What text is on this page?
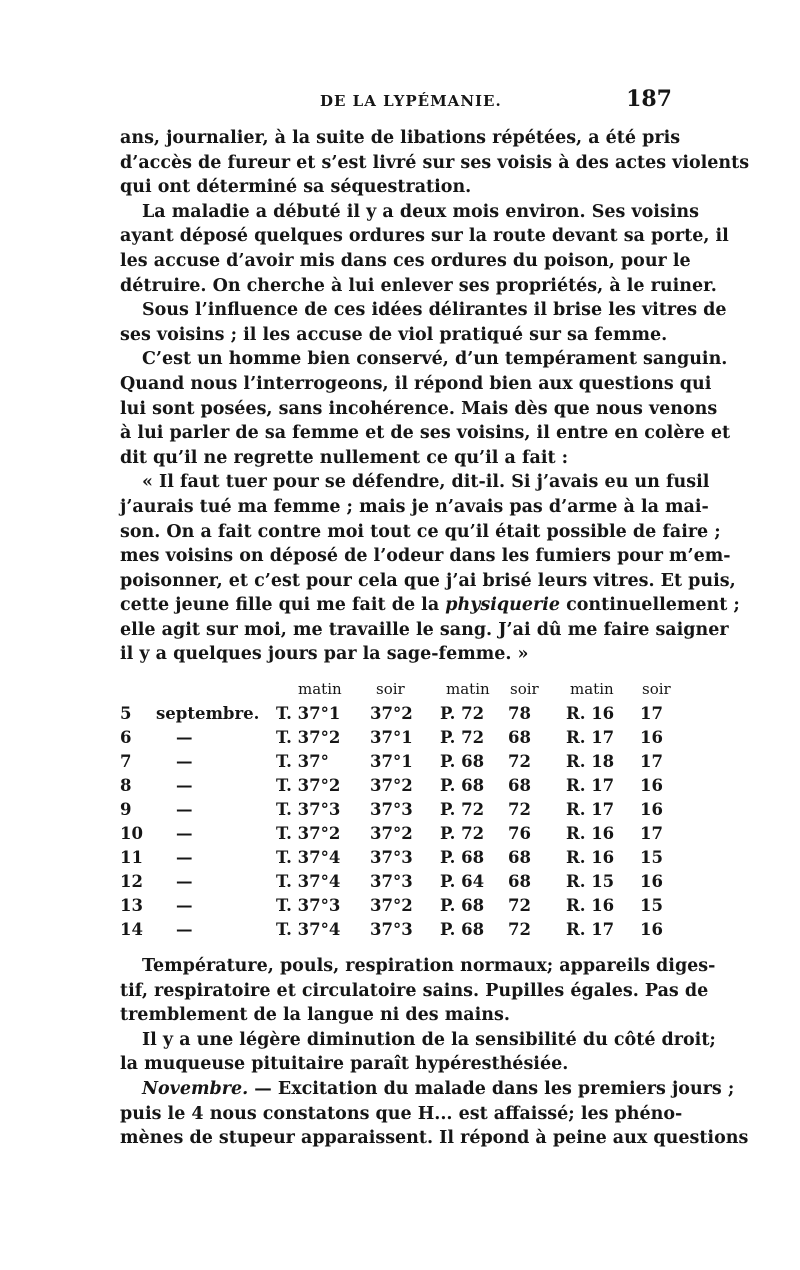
DE LA LYPÉMANIE.	187
ans, journalier, à la suite de libations répétées, a été pris
d’accès de fureur et s’est livré sur ses voisis à des actes violents
qui ont déterminé sa séquestration.
La maladie a débuté il y a deux mois environ. Ses voisins
ayant déposé quelques ordures sur la route devant sa porte, il
les accuse d’avoir mis dans ces ordures du poison, pour le
détruire. On cherche à lui enlever ses propriétés, à le ruiner.
Sous l’influence de ces idées délirantes il brise les vitres de
ses voisins ; il les accuse de viol pratiqué sur sa femme.
C’est un homme bien conservé, d’un tempérament sanguin.
Quand nous l’interrogeons, il répond bien aux questions qui
lui sont posées, sans incohérence. Mais dès que nous venons
à lui parler de sa femme et de ses voisins, il entre en colère et
dit qu’il ne regrette nullement ce qu’il a fait :
« Il faut tuer pour se défendre, dit-il. Si j’avais eu un fusil
j’aurais tué ma femme ; mais je n’avais pas d’arme à la mai-
son. On a fait contre moi tout ce qu’il était possible de faire ;
mes voisins on déposé de l’odeur dans les fumiers pour m’em-
poisonner, et c’est pour cela que j’ai brisé leurs vitres. Et puis,
cette jeune fille qui me fait de la physiquerie continuellement ;
elle agit sur moi, me travaille le sang. J’ai dû me faire saigner
il y a quelques jours par la sage-femme. »
matin soir	matin soir matin soir
5	septembre. T. 37°1 37°2 P. 72 78 R. 16 17
6	—	T. 37°2 37°1 P. 72 68 R. 17 16
7	—	T. 37° 37°1 P. 68 72 R. 18 17
8	—	T. 37°2 37°2 P. 68 68 R. 17 16
9	—	T. 37°3 37°3 P. 72 72 R. 17 16
10	—	T. 37°2 37°2 P. 72 76 R. 16 17
11	—	T. 37°4 37°3 P. 68 68 R. 16 15
12	—	T. 37°4 37°3 P. 64 68 R. 15 16
13	—	T. 37°3 37°2 P. 68 72 R. 16 15
14	—	T. 37°4 37°3 P. 68 72 R. 17 16
Température, pouls, respiration normaux; appareils diges-
tif, respiratoire et circulatoire sains. Pupilles égales. Pas de
tremblement de la langue ni des mains.
Il y a une légère diminution de la sensibilité du côté droit;
la muqueuse pituitaire paraît hypéresthésiée.
Novembre. — Excitation du malade dans les premiers jours ;
puis le 4 nous constatons que H... est affaissé; les phéno-
mènes de stupeur apparaissent. Il répond à peine aux questions
